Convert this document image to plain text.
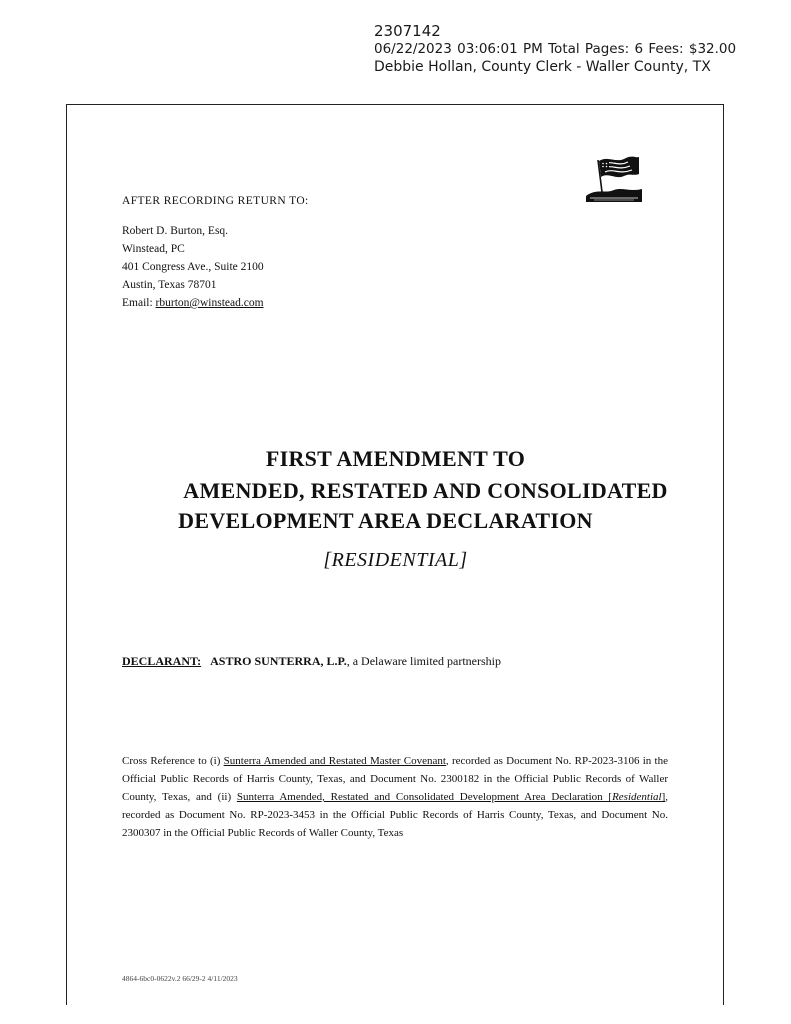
2307142
06/22/2023 03:06:01 PM Total Pages: 6 Fees: $32.00
Debbie Hollan, County Clerk - Waller County, TX
AFTER RECORDING RETURN TO:
Robert D. Burton, Esq.
Winstead, PC
401 Congress Ave., Suite 2100
Austin, Texas 78701
Email: rburton@winstead.com
FIRST AMENDMENT TO
AMENDED, RESTATED AND CONSOLIDATED
DEVELOPMENT AREA DECLARATION
[RESIDENTIAL]
DECLARANT: ASTRO SUNTERRA, L.P., a Delaware limited partnership
Cross Reference to (i) Sunterra Amended and Restated Master Covenant, recorded as Document No. RP-2023-3106 in the Official Public Records of Harris County, Texas, and Document No. 2300182 in the Official Public Records of Waller County, Texas, and (ii) Sunterra Amended, Restated and Consolidated Development Area Declaration [Residential], recorded as Document No. RP-2023-3453 in the Official Public Records of Harris County, Texas, and Document No. 2300307 in the Official Public Records of Waller County, Texas
4864-6bc0-0622v.2 66/29-2 4/11/2023
